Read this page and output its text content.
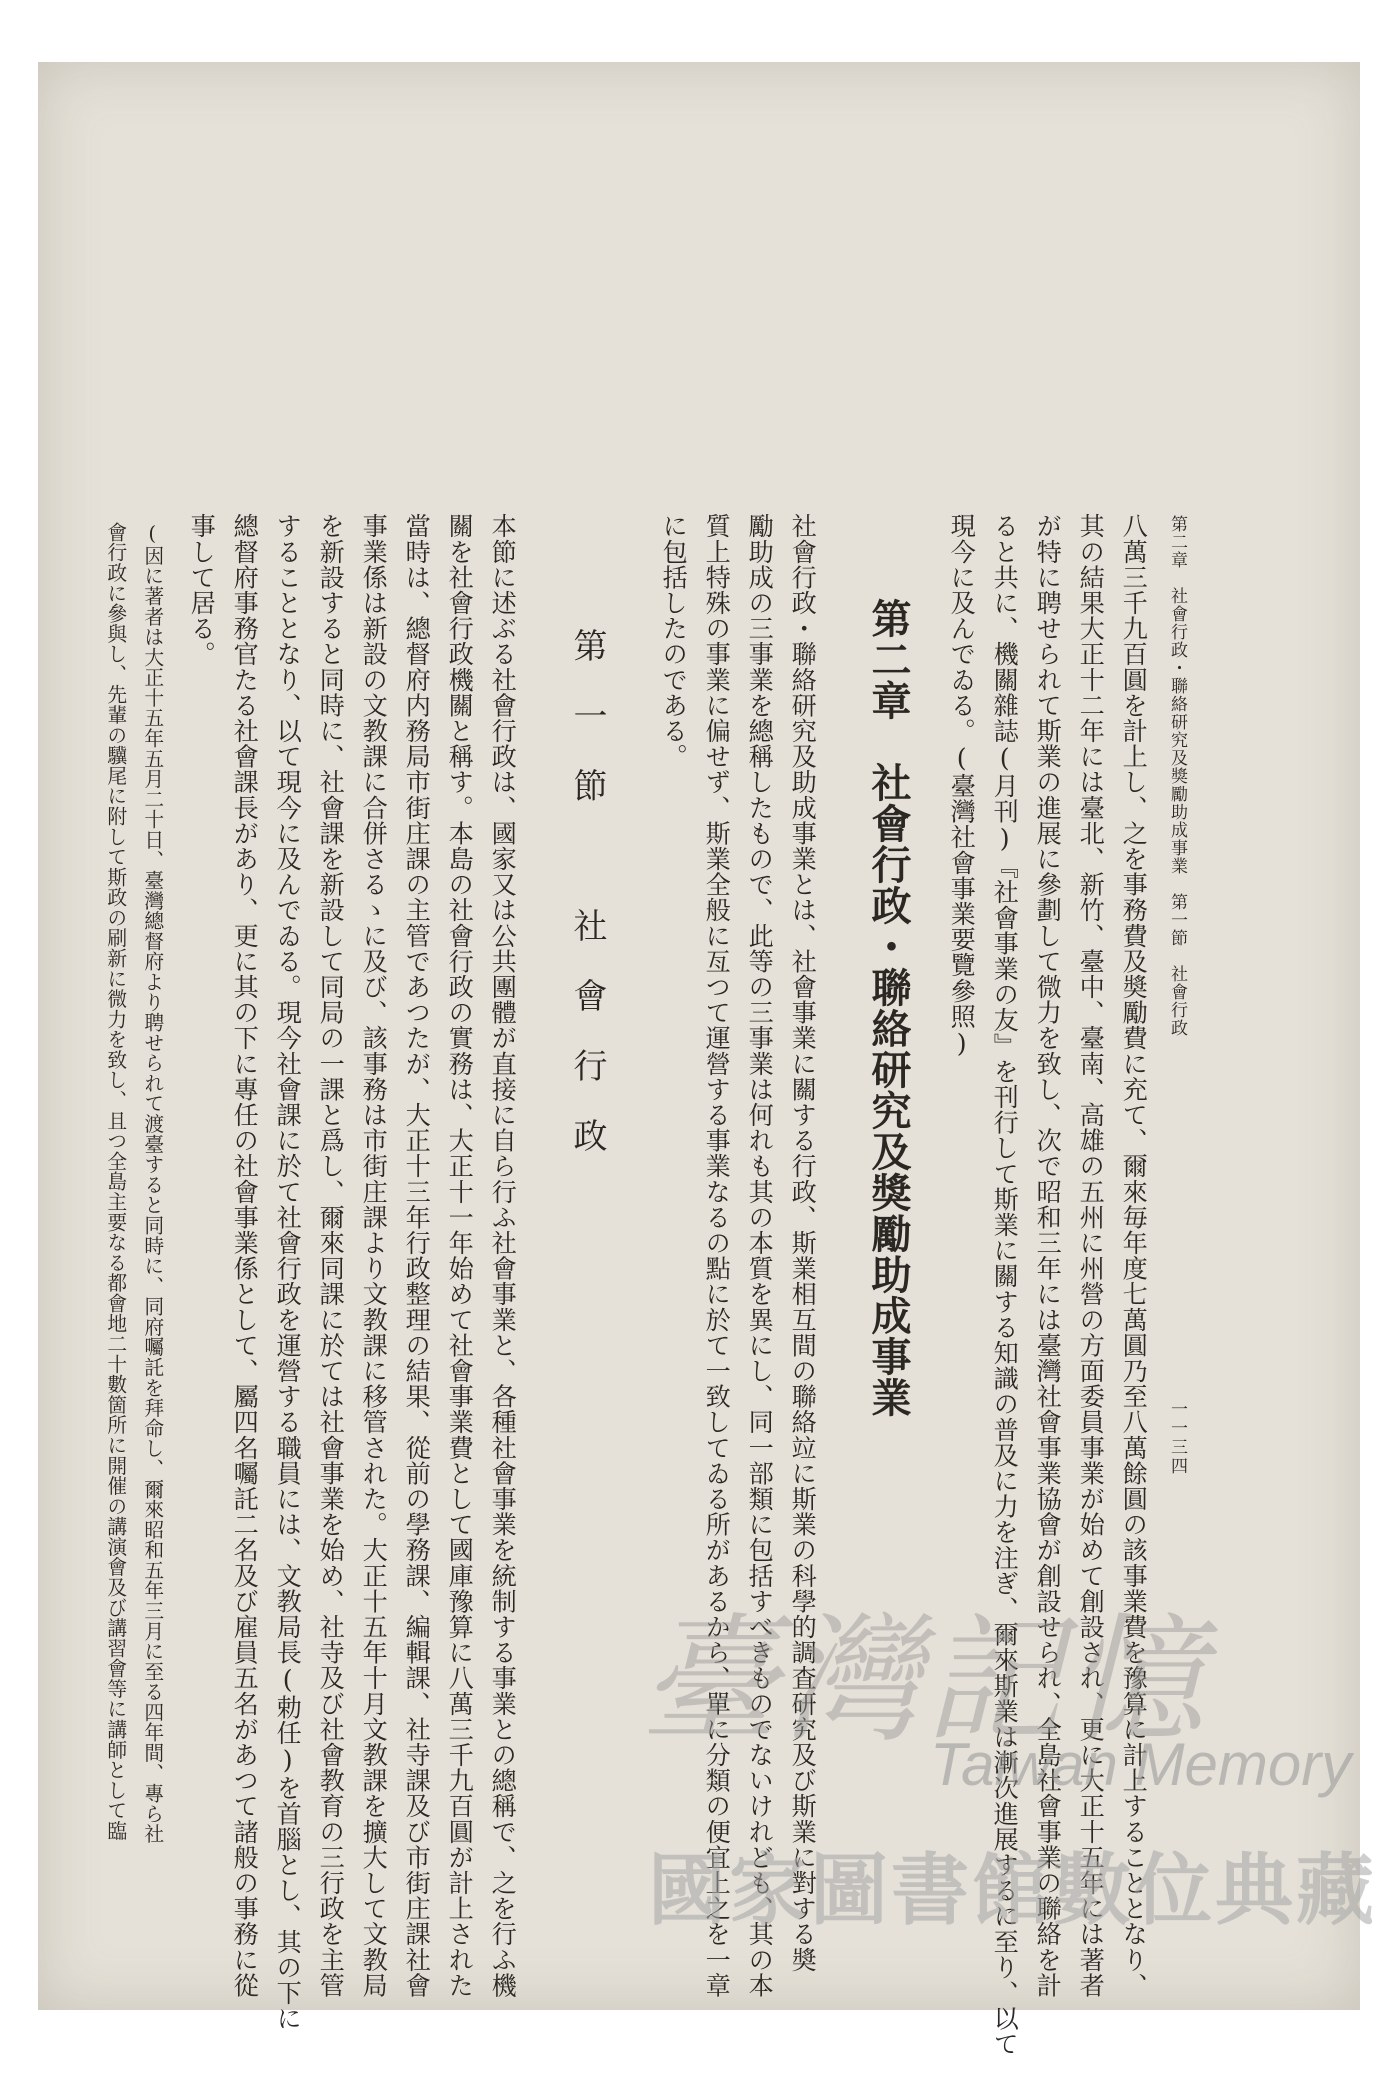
第二章　社會行政・聯絡研究及獎勵助成事業　第一節　社會行政
一一三四
八萬三千九百圓を計上し、之を事務費及奬勵費に充て、爾來毎年度七萬圓乃至八萬餘圓の該事業費を豫算に計上することとなり、
其の結果大正十二年には臺北、新竹、臺中、臺南、高雄の五州に州營の方面委員事業が始めて創設され、更に大正十五年には著者
が特に聘せられて斯業の進展に參劃して微力を致し、次で昭和三年には臺灣社會事業協會が創設せられ、全島社會事業の聯絡を計
ると共に、機關雜誌(月刊)『社會事業の友』を刊行して斯業に關する知識の普及に力を注ぎ、爾來斯業は漸次進展するに至り、以て
現今に及んでゐる。(臺灣社會事業要覽參照)
第二章　社會行政・聯絡研究及獎勵助成事業
社會行政・聯絡研究及助成事業とは、社會事業に關する行政、斯業相互間の聯絡竝に斯業の科學的調査研究及び斯業に對する奬
勵助成の三事業を總稱したもので、此等の三事業は何れも其の本質を異にし、同一部類に包括すべきものでないけれども、其の本
質上特殊の事業に偏せず、斯業全般に亙つて運營する事業なるの點に於て一致してゐる所があるから、單に分類の便宜上之を一章
に包括したのである。
第一節　社會行政
本節に述ぶる社會行政は、國家又は公共團體が直接に自ら行ふ社會事業と、各種社會事業を統制する事業との總稱で、之を行ふ機
關を社會行政機關と稱す。本島の社會行政の實務は、大正十一年始めて社會事業費として國庫豫算に八萬三千九百圓が計上された
當時は、總督府内務局市街庄課の主管であつたが、大正十三年行政整理の結果、從前の學務課、編輯課、社寺課及び市街庄課社會
事業係は新設の文教課に合併さるゝに及び、該事務は市街庄課より文教課に移管された。大正十五年十月文教課を擴大して文教局
を新設すると同時に、社會課を新設して同局の一課と爲し、爾來同課に於ては社會事業を始め、社寺及び社會教育の三行政を主管
することとなり、以て現今に及んでゐる。現今社會課に於て社會行政を運營する職員には、文教局長(勅任)を首腦とし、其の下に
總督府事務官たる社會課長があり、更に其の下に專任の社會事業係として、屬四名囑託二名及び雇員五名があつて諸般の事務に從
事して居る。
(因に著者は大正十五年五月二十日、臺灣總督府より聘せられて渡臺すると同時に、同府囑託を拜命し、爾來昭和五年三月に至る四年間、專ら社
會行政に參與し、先輩の驥尾に附して斯政の刷新に微力を致し、且つ全島主要なる都會地二十數箇所に開催の講演會及び講習會等に講師として臨	臺灣記憶
Taiwan Memory
國家圖書館數位典藏
